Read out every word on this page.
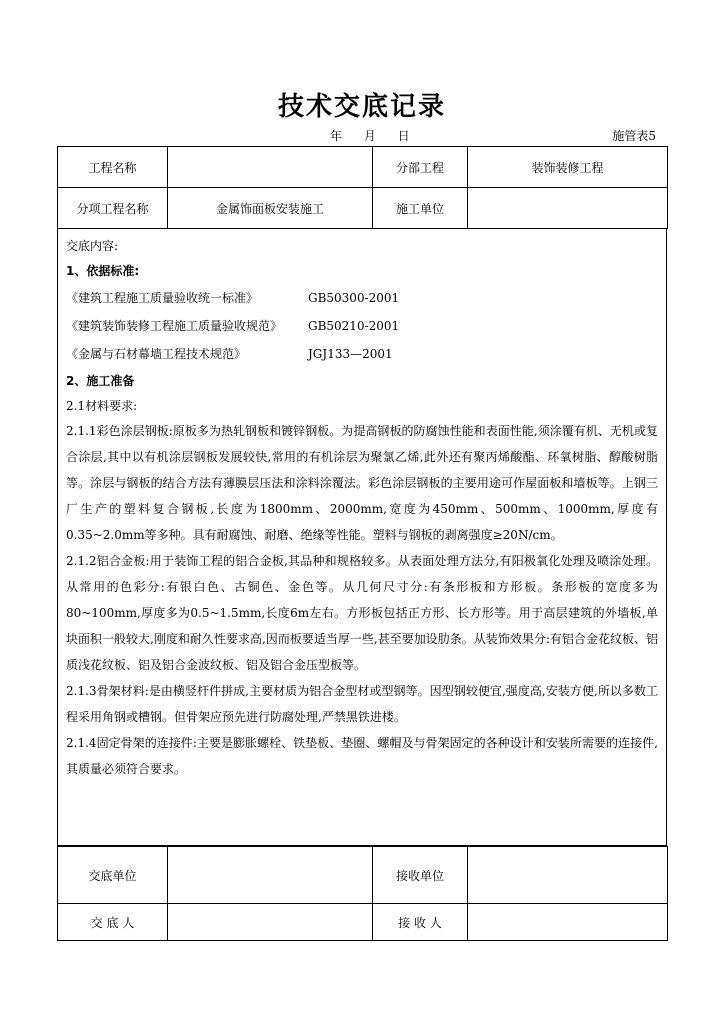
技术交底记录
年 月 日	施管表5
工程名称		分部工程	装饰装修工程
分项工程名称	金属饰面板安装施工	施工单位	
交底内容:
1、依据标准:
《建筑工程施工质量验收统一标准》	GB50300-2001
《建筑装饰装修工程施工质量验收规范》	GB50210-2001
《金属与石材幕墙工程技术规范》	JGJ133—2001
2、施工准备
2.1材料要求:
2.1.1彩色涂层钢板:原板多为热轧钢板和镀锌钢板。为提高钢板的防腐蚀性能和表面性能,须涂覆有机、无机或复合涂层,其中以有机涂层钢板发展较快,常用的有机涂层为聚氯乙烯,此外还有聚丙烯酸酯、环氧树脂、醇酸树脂等。涂层与钢板的结合方法有薄膜层压法和涂料涂覆法。彩色涂层钢板的主要用途可作屋面板和墙板等。上钢三厂生产的塑料复合钢板,长度为1800mm、2000mm,宽度为450mm、500mm、1000mm,厚度有0.35~2.0mm等多种。具有耐腐蚀、耐磨、绝缘等性能。塑料与钢板的剥离强度≥20N/cm。
2.1.2铝合金板:用于装饰工程的铝合金板,其品种和规格较多。从表面处理方法分,有阳极氧化处理及喷涂处理。从常用的色彩分:有银白色、古铜色、金色等。从几何尺寸分:有条形板和方形板。条形板的宽度多为80~100mm,厚度多为0.5~1.5mm,长度6m左右。方形板包括正方形、长方形等。用于高层建筑的外墙板,单块面积一般较大,刚度和耐久性要求高,因而板要适当厚一些,甚至要加设肋条。从装饰效果分:有铝合金花纹板、铝质浅花纹板、铝及铝合金波纹板、铝及铝合金压型板等。
2.1.3骨架材料:是由横竖杆件拼成,主要材质为铝合金型材或型钢等。因型钢较便宜,强度高,安装方便,所以多数工程采用角钢或槽钢。但骨架应预先进行防腐处理,严禁黑铁进楼。
2.1.4固定骨架的连接件:主要是膨胀螺栓、铁垫板、垫圈、螺帽及与骨架固定的各种设计和安装所需要的连接件,其质量必须符合要求。
交底单位		接收单位	
交 底 人		接 收 人	
